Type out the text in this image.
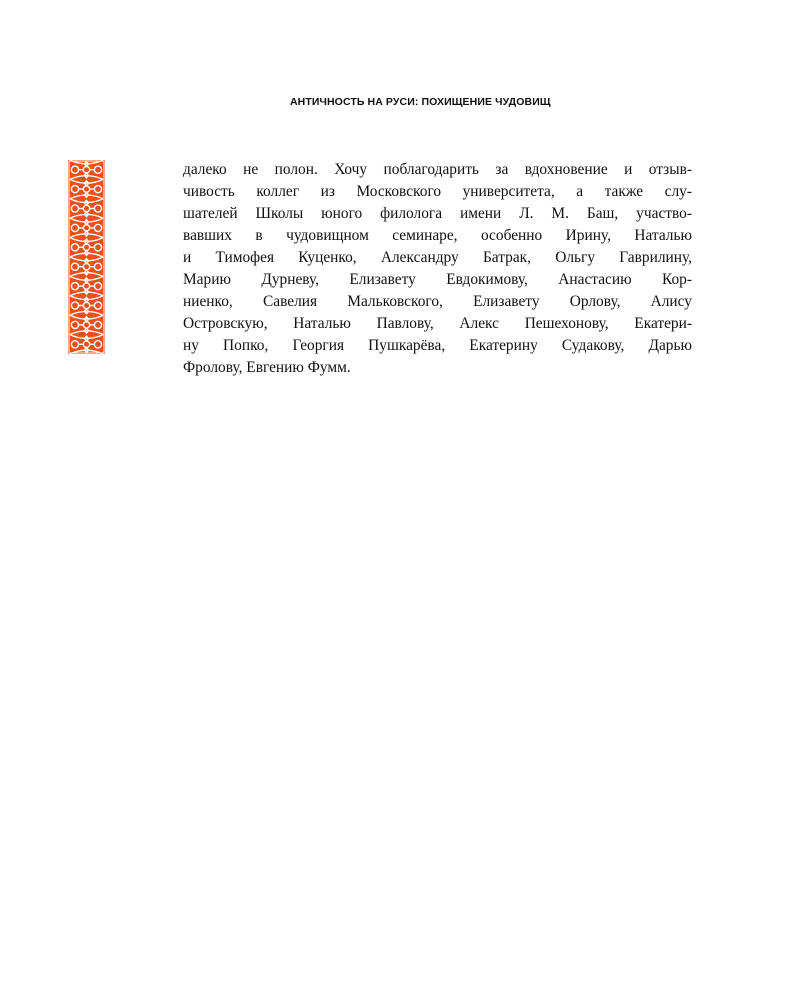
АНТИЧНОСТЬ НА РУСИ: ПОХИЩЕНИЕ ЧУДОВИЩ
далеко не полон. Хочу поблагодарить за вдохновение и отзыв-
чивость коллег из Московского университета, а также слу-
шателей Школы юного филолога имени Л. М. Баш, участво-
вавших в чудовищном семинаре, особенно Ирину, Наталью
и Тимофея Куценко, Александру Батрак, Ольгу Гаврилину,
Марию Дурневу, Елизавету Евдокимову, Анастасию Кор-
ниенко, Савелия Мальковского, Елизавету Орлову, Алису
Островскую, Наталью Павлову, Алекс Пешехонову, Екатери-
ну Попко, Георгия Пушкарёва, Екатерину Судакову, Дарью
Фролову, Евгению Фумм.
